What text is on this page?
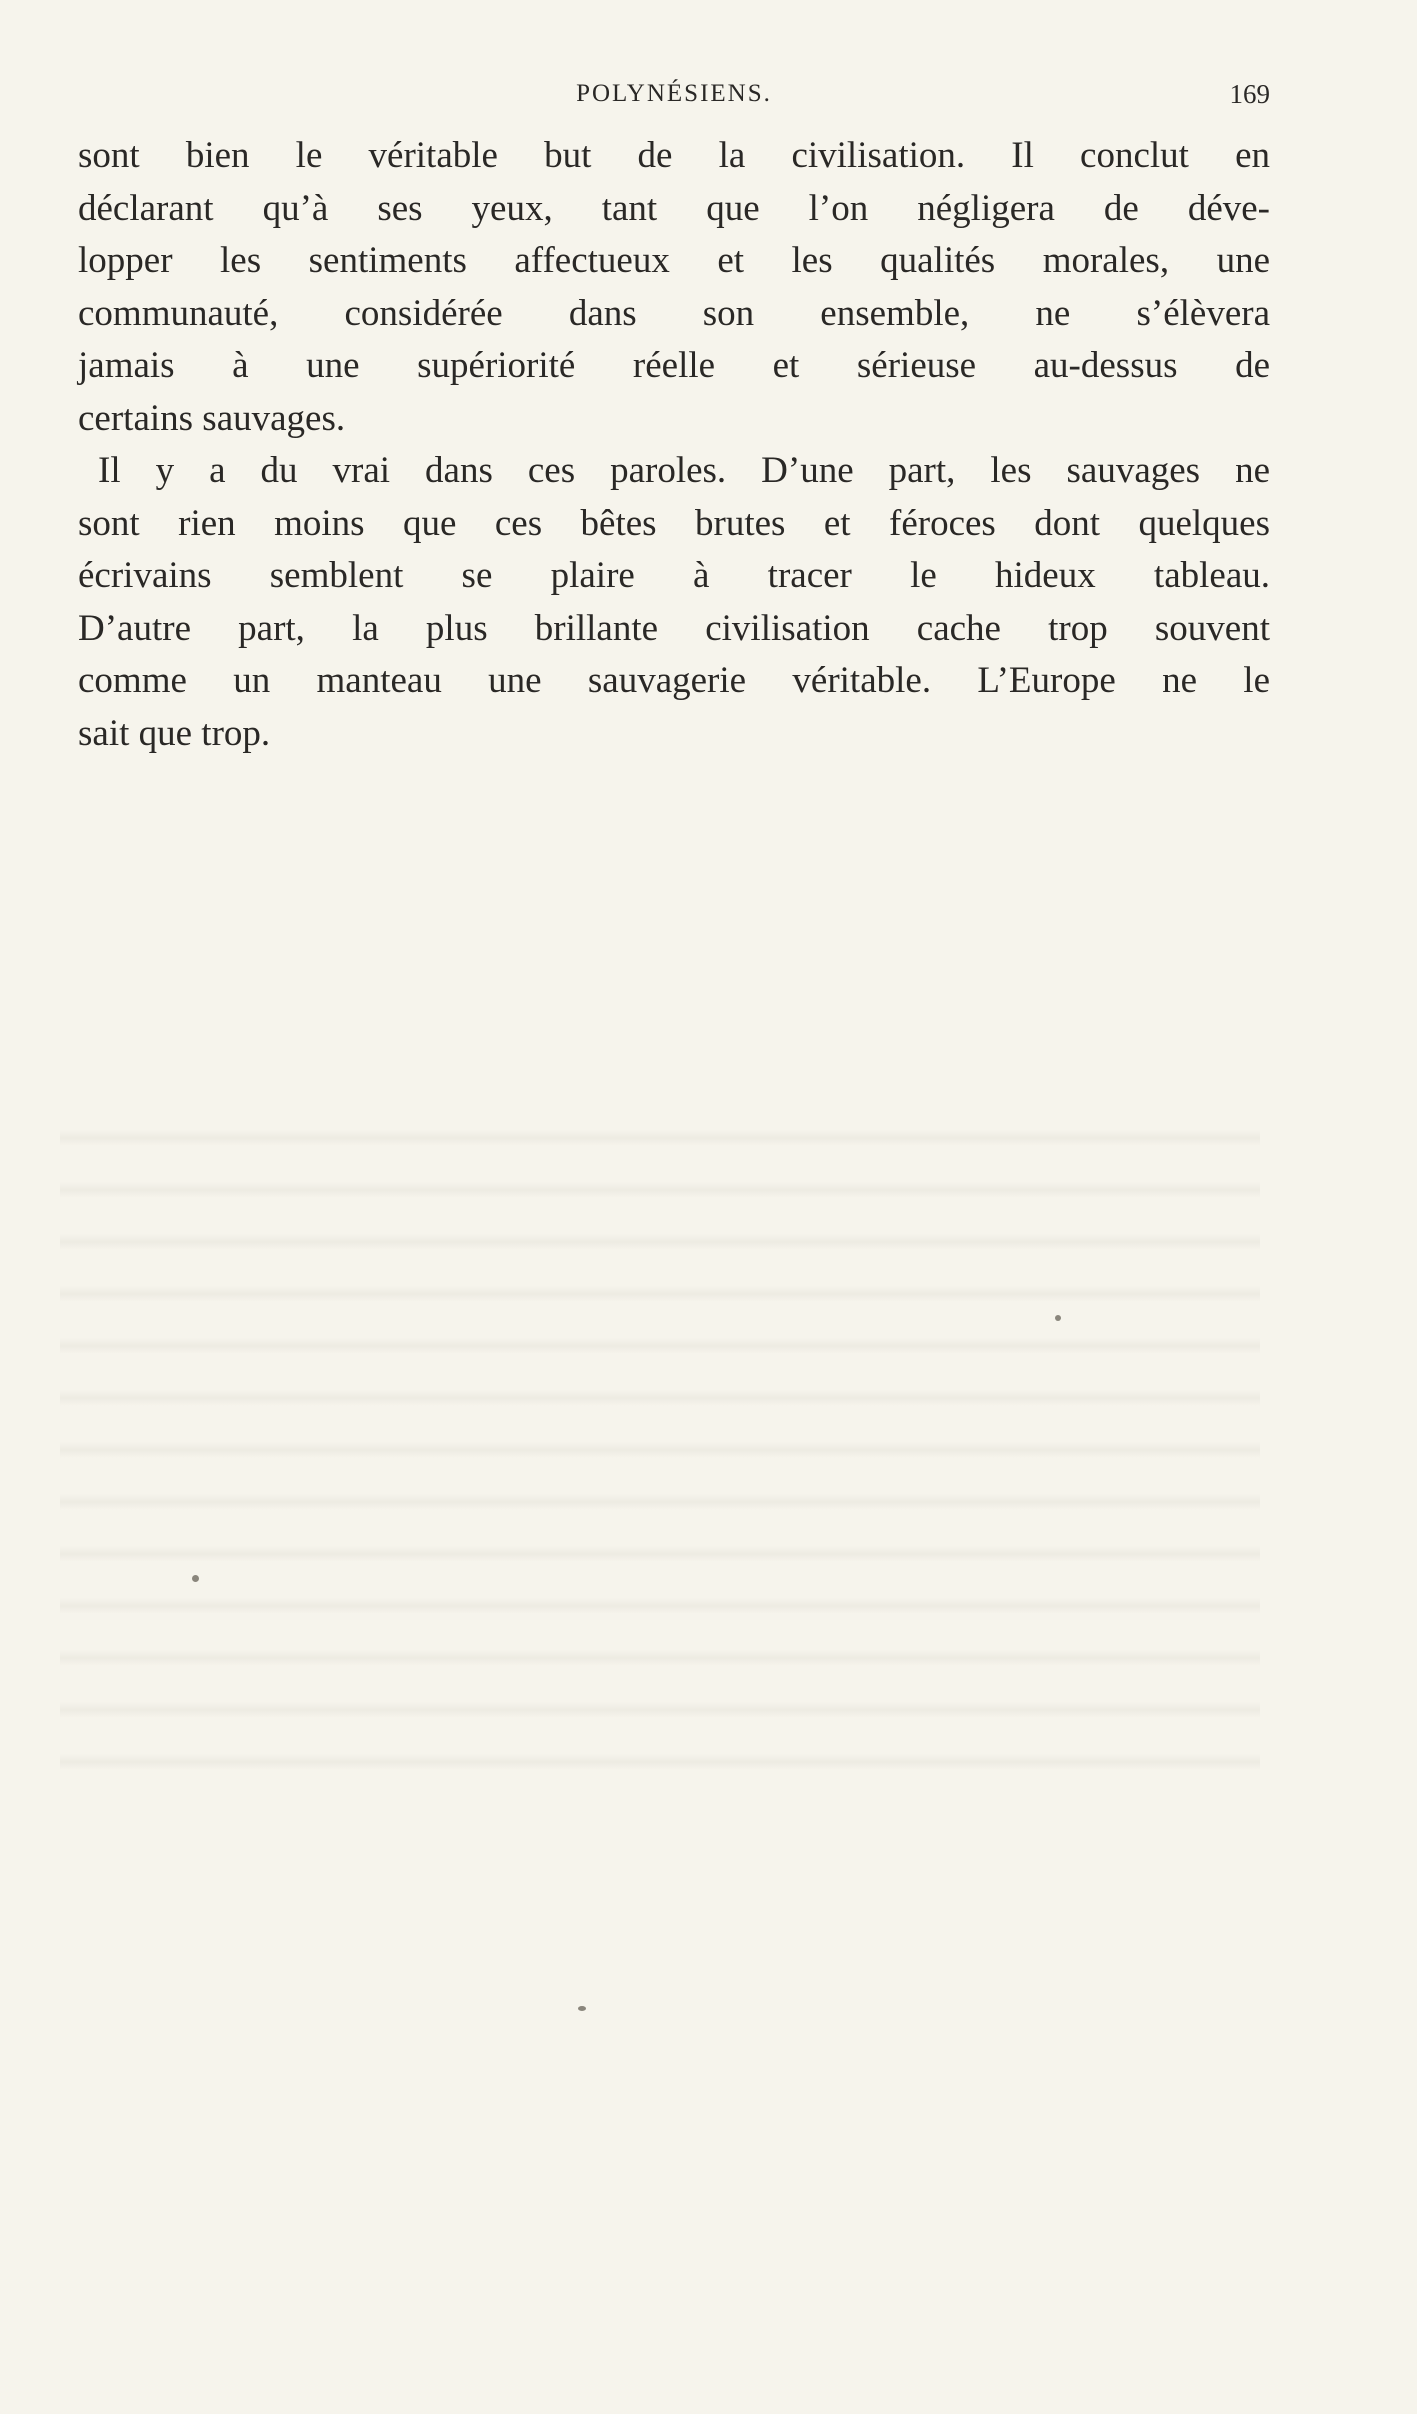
POLYNÉSIENS.	169

sont bien le véritable but de la civilisation. Il conclut en
déclarant qu’à ses yeux, tant que l’on négligera de déve-
lopper les sentiments affectueux et les qualités morales, une
communauté, considérée dans son ensemble, ne s’élèvera
jamais à une supériorité réelle et sérieuse au-dessus de
certains sauvages.

Il y a du vrai dans ces paroles. D’une part, les sauvages ne
sont rien moins que ces bêtes brutes et féroces dont quelques
écrivains semblent se plaire à tracer le hideux tableau.
D’autre part, la plus brillante civilisation cache trop souvent
comme un manteau une sauvagerie véritable. L’Europe ne le
sait que trop.
